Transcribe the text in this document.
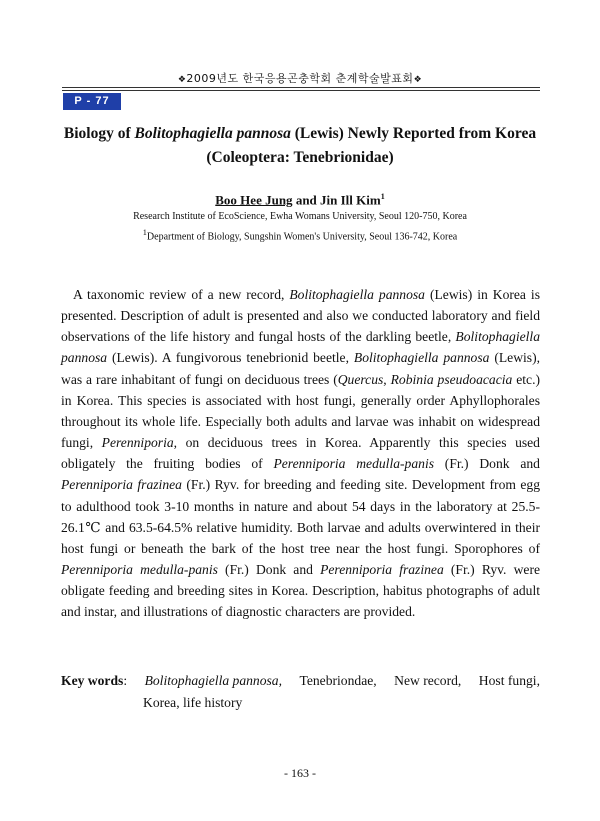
❖2009년도 한국응용곤충학회 춘계학술발표회❖
P - 77
Biology of Bolitophagiella pannosa (Lewis) Newly Reported from Korea
(Coleoptera: Tenebrionidae)
Boo Hee Jung and Jin Ill Kim$^1$
Research Institute of EcoScience, Ewha Womans University, Seoul 120-750, Korea
$^1$Department of Biology, Sungshin Women's University, Seoul 136-742, Korea

A taxonomic review of a new record, Bolitophagiella pannosa (Lewis) in Korea is presented. Description of adult is presented and also we conducted laboratory and field observations of the life history and fungal hosts of the darkling beetle, Bolitophagiella pannosa (Lewis). A fungivorous tenebrionid beetle, Bolitophagiella pannosa (Lewis), was a rare inhabitant of fungi on deciduous trees (Quercus, Robinia pseudoacacia etc.) in Korea. This species is associated with host fungi, generally order Aphyllophorales throughout its whole life. Especially both adults and larvae was inhabit on widespread fungi, Perenniporia, on deciduous trees in Korea. Apparently this species used obligately the fruiting bodies of Perenniporia medulla-panis (Fr.) Donk and Perenniporia frazinea (Fr.) Ryv. for breeding and feeding site. Development from egg to adulthood took 3-10 months in nature and about 54 days in the laboratory at 25.5-26.1℃ and 63.5-64.5% relative humidity. Both larvae and adults overwintered in their host fungi or beneath the bark of the host tree near the host fungi. Sporophores of Perenniporia medulla-panis (Fr.) Donk and Perenniporia frazinea (Fr.) Ryv. were obligate feeding and breeding sites in Korea. Description, habitus photographs of adult and instar, and illustrations of diagnostic characters are provided.

Key words: Bolitophagiella pannosa, Tenebriondae, New record, Host fungi,
Korea, life history
- 163 -
